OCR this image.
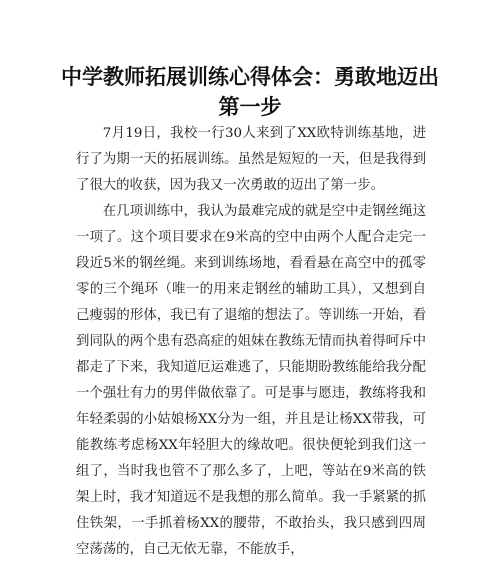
中学教师拓展训练心得体会：勇敢地迈出第一步

7月19日，我校一行30人来到了XX欧特训练基地，进行了为期一天的拓展训练。虽然是短短的一天，但是我得到了很大的收获，因为我又一次勇敢的迈出了第一步。

在几项训练中，我认为最难完成的就是空中走钢丝绳这一项了。这个项目要求在9米高的空中由两个人配合走完一段近5米的钢丝绳。来到训练场地，看看悬在高空中的孤零零的三个绳环（唯一的用来走钢丝的辅助工具），又想到自己瘦弱的形体，我已有了退缩的想法了。等训练一开始，看到同队的两个患有恐高症的姐妹在教练无情而执着得呵斥中都走了下来，我知道厄运难逃了，只能期盼教练能给我分配一个强壮有力的男伴做依靠了。可是事与愿违，教练将我和年轻柔弱的小姑娘杨XX分为一组，并且是让杨XX带我，可能教练考虑杨XX年轻胆大的缘故吧。很快便轮到我们这一组了，当时我也管不了那么多了，上吧，等站在9米高的铁架上时，我才知道远不是我想的那么简单。我一手紧紧的抓住铁架，一手抓着杨XX的腰带，不敢抬头，我只感到四周空荡荡的，自己无依无靠，不能放手，
